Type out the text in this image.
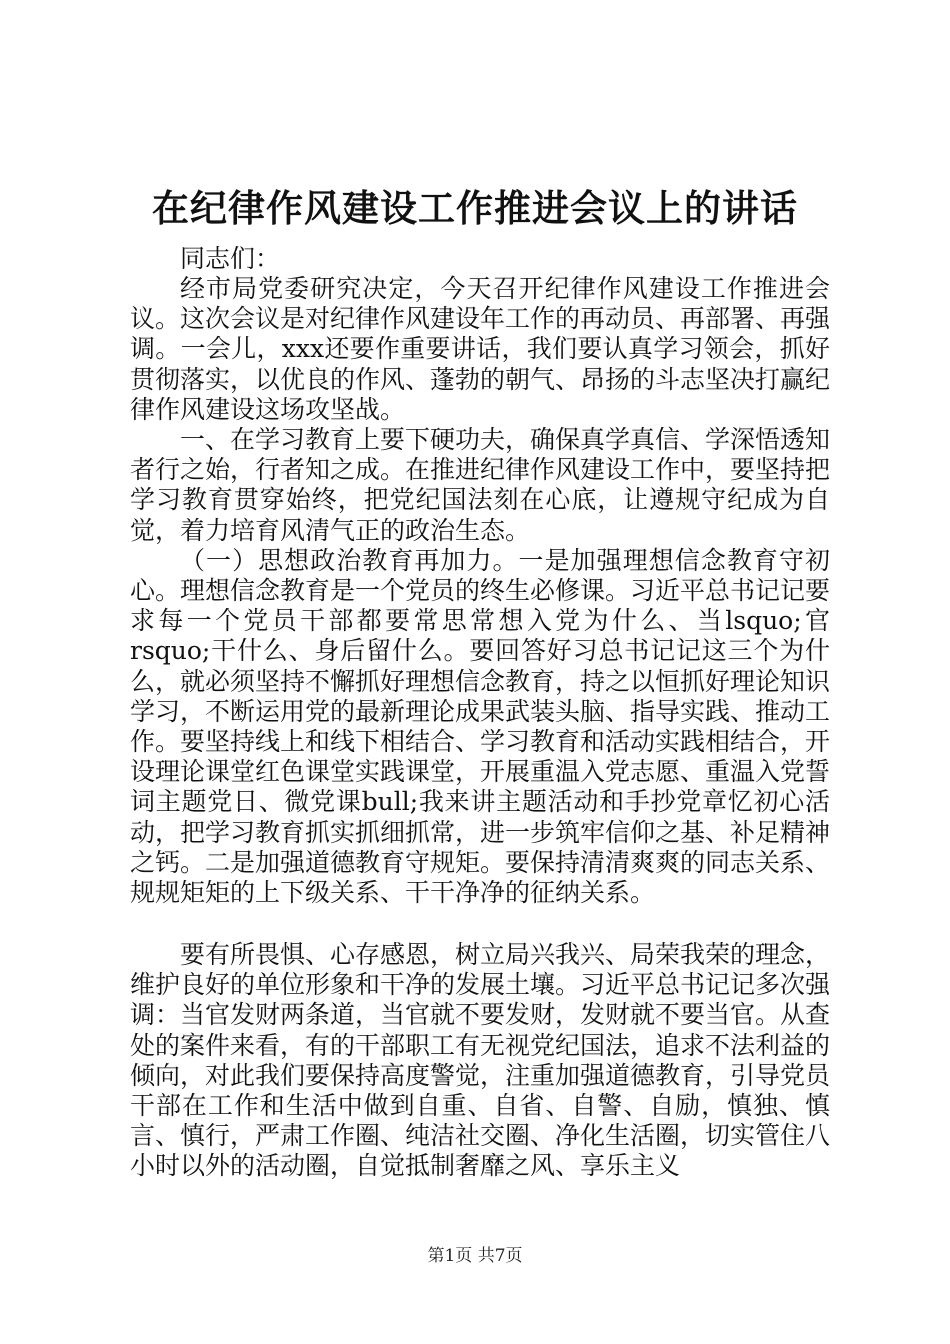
在纪律作风建设工作推进会议上的讲话

同志们：

经市局党委研究决定，今天召开纪律作风建设工作推进会议。这次会议是对纪律作风建设年工作的再动员、再部署、再强调。一会儿，xxx还要作重要讲话，我们要认真学习领会，抓好贯彻落实，以优良的作风、蓬勃的朝气、昂扬的斗志坚决打赢纪律作风建设这场攻坚战。

一、在学习教育上要下硬功夫，确保真学真信、学深悟透知者行之始，行者知之成。在推进纪律作风建设工作中，要坚持把学习教育贯穿始终，把党纪国法刻在心底，让遵规守纪成为自觉，着力培育风清气正的政治生态。

（一）思想政治教育再加力。一是加强理想信念教育守初心。理想信念教育是一个党员的终生必修课。习近平总书记记要求每一个党员干部都要常思常想入党为什么、当lsquo;官rsquo;干什么、身后留什么。要回答好习总书记记这三个为什么，就必须坚持不懈抓好理想信念教育，持之以恒抓好理论知识学习，不断运用党的最新理论成果武装头脑、指导实践、推动工作。要坚持线上和线下相结合、学习教育和活动实践相结合，开设理论课堂红色课堂实践课堂，开展重温入党志愿、重温入党誓词主题党日、微党课bull;我来讲主题活动和手抄党章忆初心活动，把学习教育抓实抓细抓常，进一步筑牢信仰之基、补足精神之钙。二是加强道德教育守规矩。要保持清清爽爽的同志关系、规规矩矩的上下级关系、干干净净的征纳关系。

要有所畏惧、心存感恩，树立局兴我兴、局荣我荣的理念，维护良好的单位形象和干净的发展土壤。习近平总书记记多次强调：当官发财两条道，当官就不要发财，发财就不要当官。从查处的案件来看，有的干部职工有无视党纪国法，追求不法利益的倾向，对此我们要保持高度警觉，注重加强道德教育，引导党员干部在工作和生活中做到自重、自省、自警、自励，慎独、慎言、慎行，严肃工作圈、纯洁社交圈、净化生活圈，切实管住八小时以外的活动圈，自觉抵制奢靡之风、享乐主义

第1页 共7页
